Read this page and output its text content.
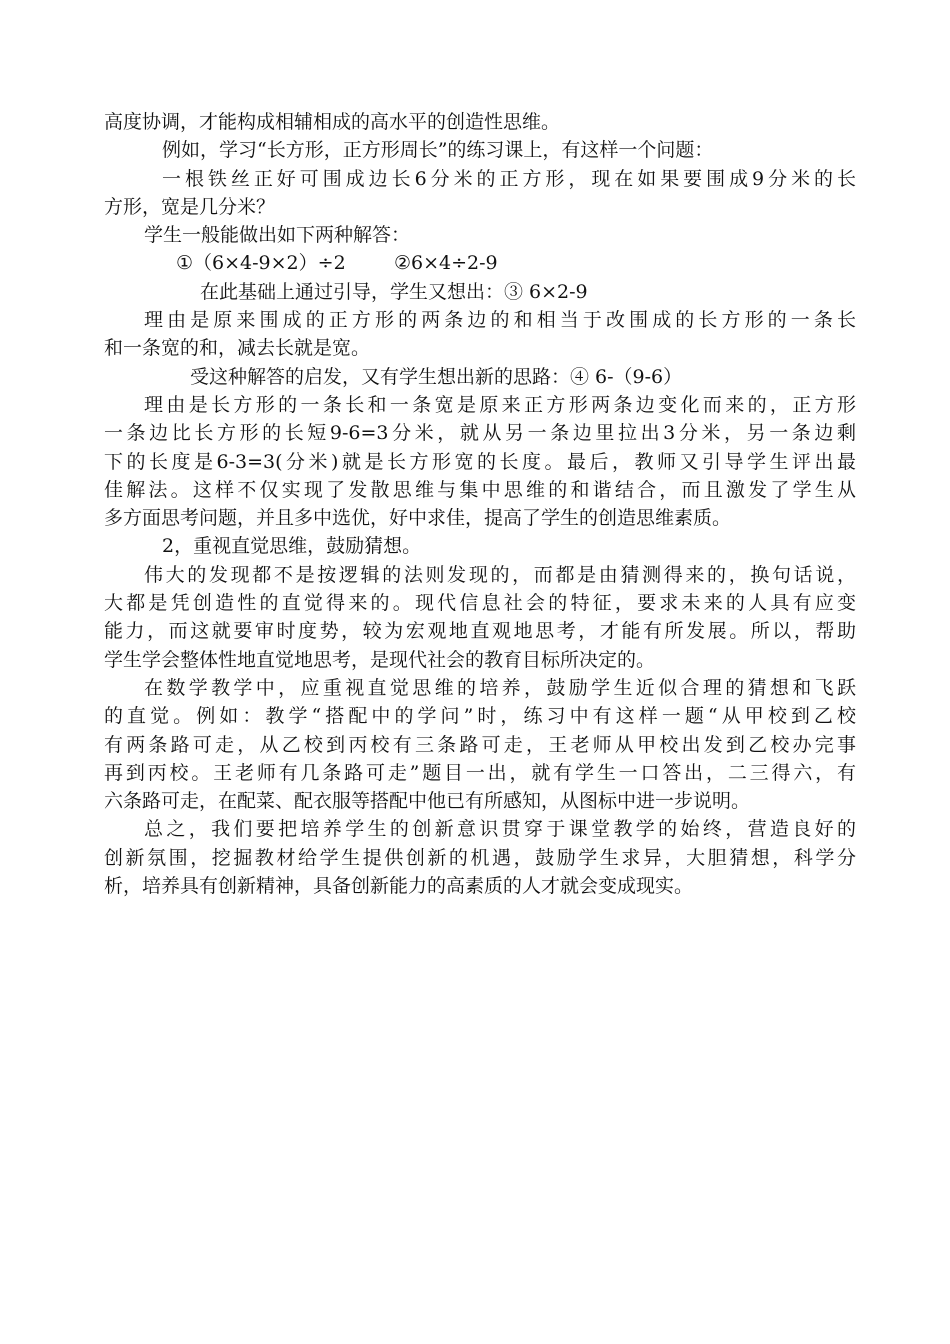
高度协调，才能构成相辅相成的高水平的创造性思维。
例如，学习“长方形，正方形周长”的练习课上，有这样一个问题：
一根铁丝正好可围成边长6分米的正方形，现在如果要围成9分米的长
方形，宽是几分米？
学生一般能做出如下两种解答：
①（6×4-9×2）÷2        ②6×4÷2-9
在此基础上通过引导，学生又想出：③ 6×2-9
理由是原来围成的正方形的两条边的和相当于改围成的长方形的一条长
和一条宽的和，减去长就是宽。
受这种解答的启发，又有学生想出新的思路：④ 6-（9-6）
理由是长方形的一条长和一条宽是原来正方形两条边变化而来的，正方形
一条边比长方形的长短9-6=3分米，就从另一条边里拉出3分米，另一条边剩
下的长度是6-3=3(分米)就是长方形宽的长度。最后，教师又引导学生评出最
佳解法。这样不仅实现了发散思维与集中思维的和谐结合，而且激发了学生从
多方面思考问题，并且多中选优，好中求佳，提高了学生的创造思维素质。
2，重视直觉思维，鼓励猜想。
伟大的发现都不是按逻辑的法则发现的，而都是由猜测得来的，换句话说，
大都是凭创造性的直觉得来的。现代信息社会的特征，要求未来的人具有应变
能力，而这就要审时度势，较为宏观地直观地思考，才能有所发展。所以，帮助
学生学会整体性地直觉地思考，是现代社会的教育目标所决定的。
在数学教学中，应重视直觉思维的培养，鼓励学生近似合理的猜想和飞跃
的直觉。例如：教学“搭配中的学问”时，练习中有这样一题“从甲校到乙校
有两条路可走，从乙校到丙校有三条路可走，王老师从甲校出发到乙校办完事
再到丙校。王老师有几条路可走”题目一出，就有学生一口答出，二三得六，有
六条路可走，在配菜、配衣服等搭配中他已有所感知，从图标中进一步说明。
总之，我们要把培养学生的创新意识贯穿于课堂教学的始终，营造良好的
创新氛围，挖掘教材给学生提供创新的机遇，鼓励学生求异，大胆猜想，科学分
析，培养具有创新精神，具备创新能力的高素质的人才就会变成现实。
